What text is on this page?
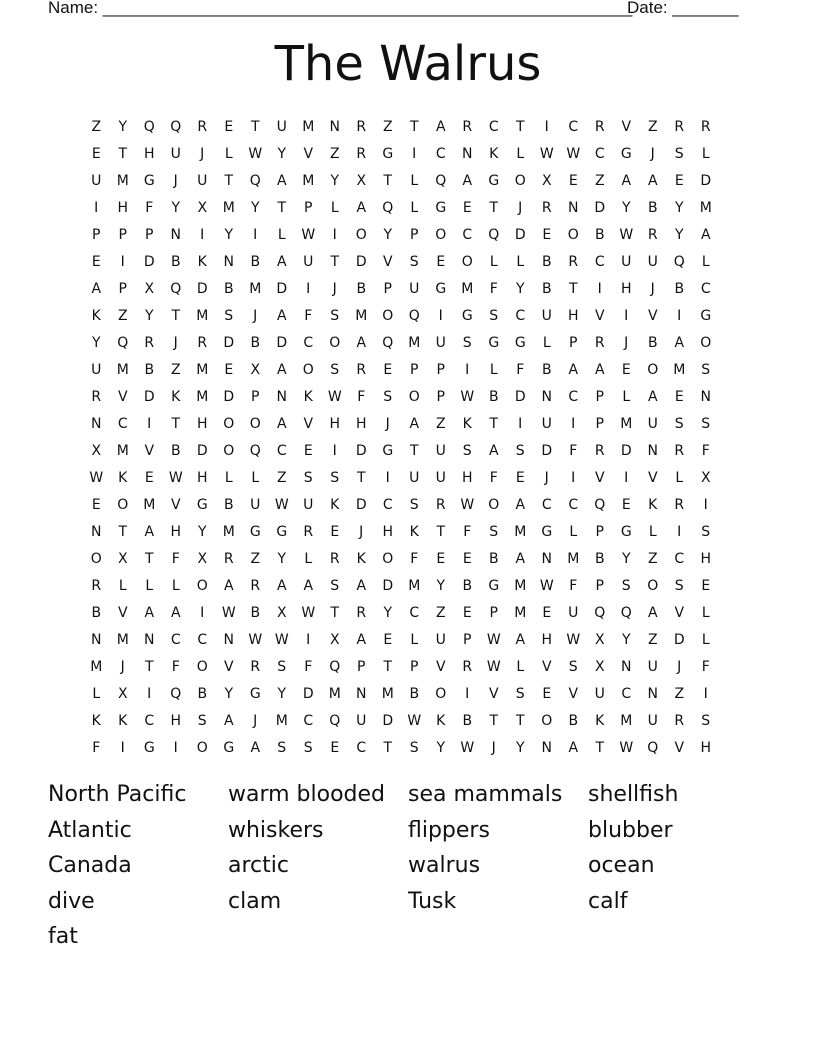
Name: ________________________________________________________
Date: _______
The Walrus
Z	Y	Q	Q	R	E	T	U	M	N	R	Z	T	A	R	C	T	I	C	R	V	Z	R	R
E	T	H	U	J	L	W	Y	V	Z	R	G	I	C	N	K	L	W W	C	G	J	S	L
U	M	G	J	U	T	Q	A	M	Y	X	T	L	Q	A	G	O	X	E	Z	A	A	E	D
I	H	F	Y	X	M	Y	T	P	L	A	Q	L	G	E	T	J	R	N	D	Y	B	Y	M
P	P	P	N	I	Y	I	L	W	I	O	Y	P	O	C	Q	D	E	O	B	W	R	Y	A
E	I	D	B	K	N	B	A	U	T	D	V	S	E	O	L	L	B	R	C	U	U	Q	L
A	P	X	Q	D	B	M	D	I	J	B	P	U	G	M	F	Y	B	T	I	H	J	B	C
K	Z	Y	T	M	S	J	A	F	S	M	O	Q	I	G	S	C	U	H	V	I	V	I	G
Y	Q	R	J	R	D	B	D	C	O	A	Q	M	U	S	G	G	L	P	R	J	B	A	O
U	M	B	Z	M	E	X	A	O	S	R	E	P	P	I	L	F	B	A	A	E	O	M	S
R	V	D	K	M	D	P	N	K	W	F	S	O	P	W	B	D	N	C	P	L	A	E	N
N	C	I	T	H	O	O	A	V	H	H	J	A	Z	K	T	I	U	I	P	M	U	S	S
X	M	V	B	D	O	Q	C	E	I	D	G	T	U	S	A	S	D	F	R	D	N	R	F
W	K	E	W	H	L	L	Z	S	S	T	I	U	U	H	F	E	J	I	V	I	V	L	X
E	O	M	V	G	B	U	W	U	K	D	C	S	R	W	O	A	C	C	Q	E	K	R	I
N	T	A	H	Y	M	G	G	R	E	J	H	K	T	F	S	M	G	L	P	G	L	I	S
O	X	T	F	X	R	Z	Y	L	R	K	O	F	E	E	B	A	N	M	B	Y	Z	C	H
R	L	L	L	O	A	R	A	A	S	A	D	M	Y	B	G	M W	F	P	S	O	S	E
B	V	A	A	I	W	B	X	W	T	R	Y	C	Z	E	P	M	E	U	Q	Q	A	V	L
N	M	N	C	C	N	W W	I	X	A	E	L	U	P	W	A	H	W	X	Y	Z	D	L
M	J	T	F	O	V	R	S	F	Q	P	T	P	V	R	W	L	V	S	X	N	U	J	F
L	X	I	Q	B	Y	G	Y	D	M	N	M	B	O	I	V	S	E	V	U	C	N	Z	I
K	K	C	H	S	A	J	M	C	Q	U	D	W	K	B	T	T	O	B	K	M	U	R	S
F	I	G	I	O	G	A	S	S	E	C	T	S	Y	W	J	Y	N	A	T	W	Q	V	H
North Pacific	warm blooded	sea mammals	shellfish
Atlantic	whiskers	flippers	blubber
Canada	arctic	walrus	ocean
dive	clam	Tusk	calf
fat
